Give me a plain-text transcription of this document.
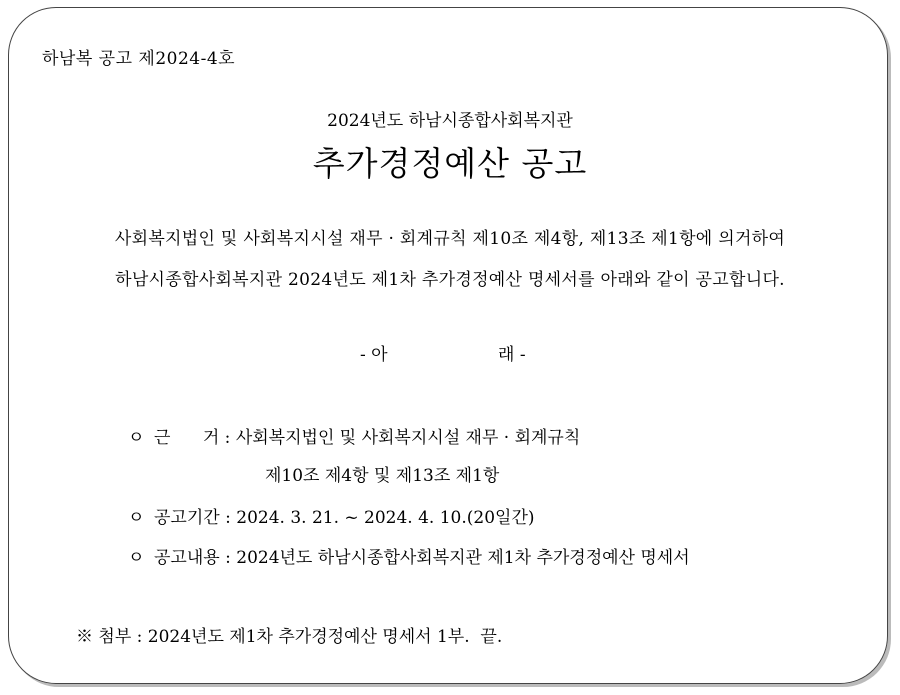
하남복 공고 제2024-4호
2024년도 하남시종합사회복지관
추가경정예산 공고
사회복지법인 및 사회복지시설 재무 · 회계규칙 제10조 제4항, 제13조 제1항에 의거하여
하남시종합사회복지관 2024년도 제1차 추가경정예산 명세서를 아래와 같이 공고합니다.
- 아	래 -
ㅇ 근      거 : 사회복지법인 및 사회복지시설 재무 · 회계규칙
제10조 제4항 및 제13조 제1항
ㅇ 공고기간 : 2024. 3. 21. ~ 2024. 4. 10.(20일간)
ㅇ 공고내용 : 2024년도 하남시종합사회복지관 제1차 추가경정예산 명세서
※ 첨부 : 2024년도 제1차 추가경정예산 명세서 1부.  끝.
